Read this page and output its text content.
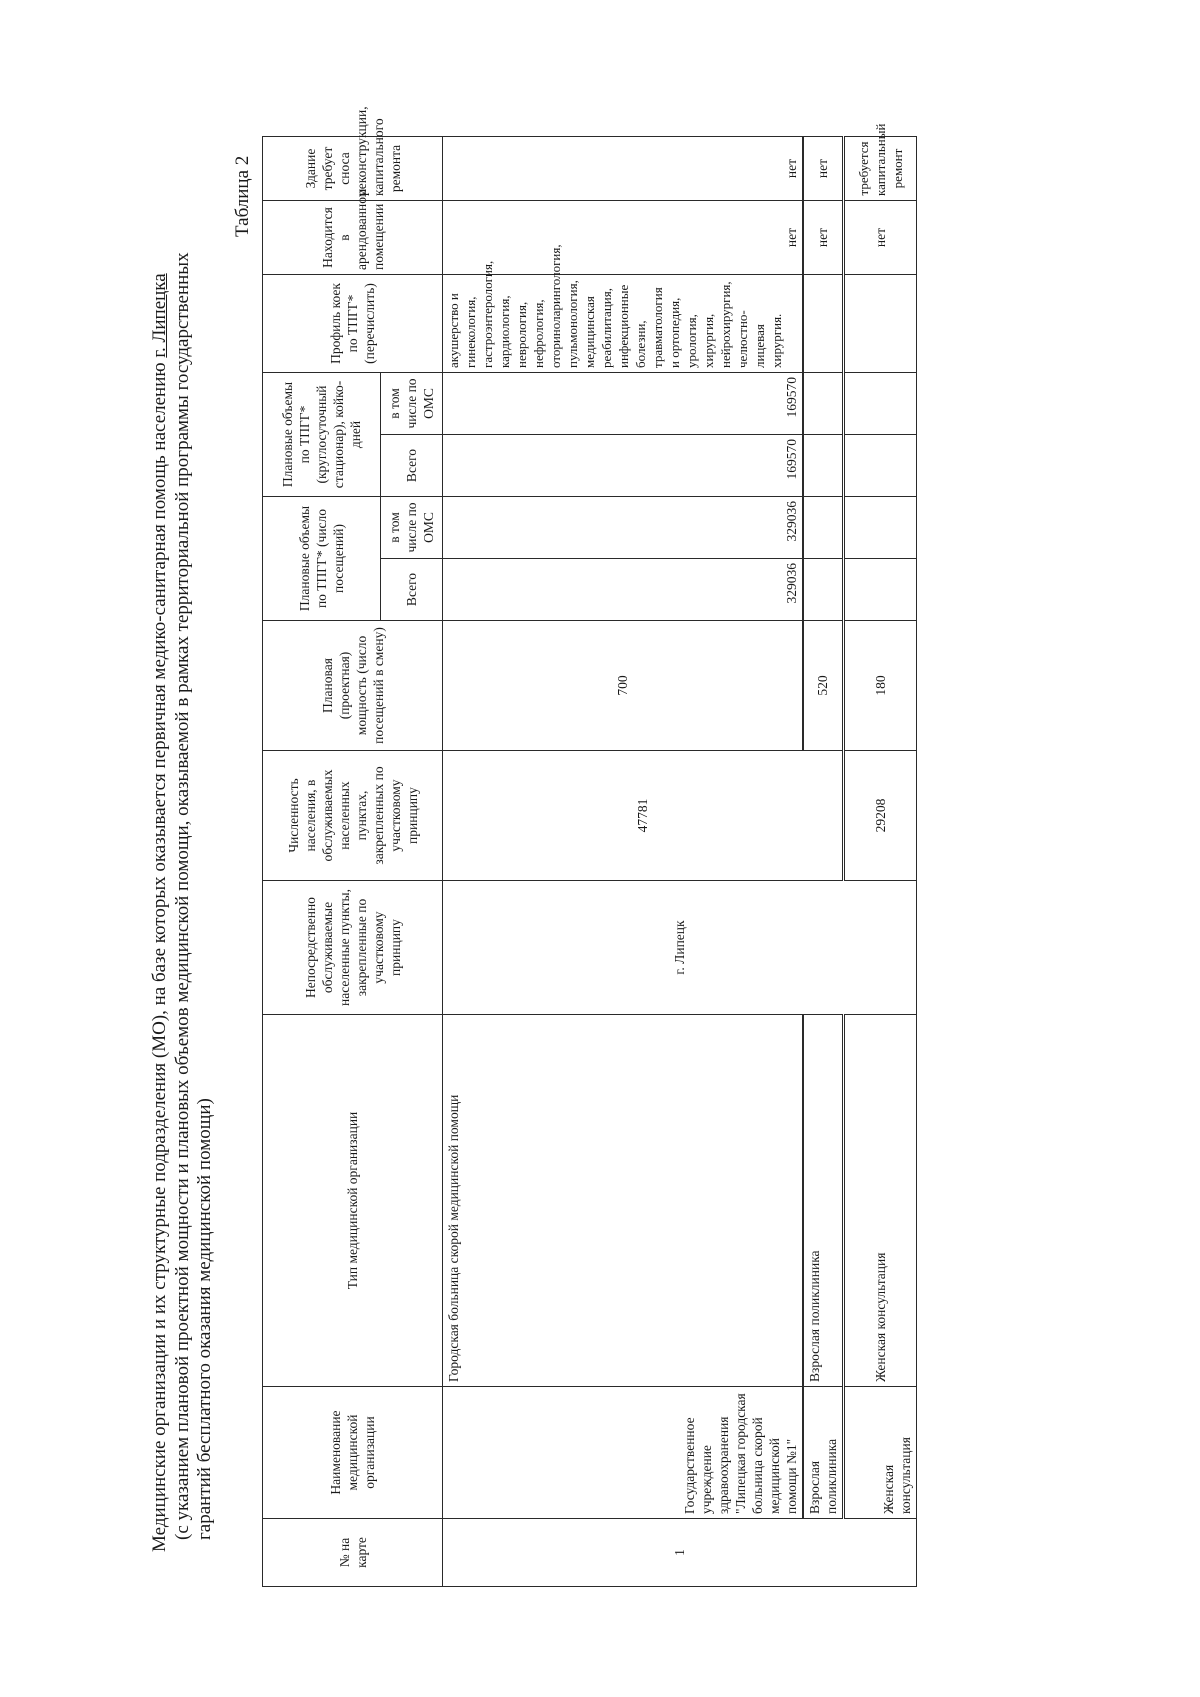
Медицинские организации и их структурные подразделения (МО), на базе которых оказывается первичная медико-санитарная помощь населению г. Липецка (с указанием плановой проектной мощности и плановых объемов медицинской помощи, оказываемой в рамках территориальной программы государственных гарантий бесплатного оказания медицинской помощи)
Таблица 2
№ на карте	Наименование медицинской организации	Тип медицинской организации	Непосредственно обслуживаемые населенные пункты, закрепленные по участковому принципу	Численность населения, в обслуживаемых населенных пунктах, закрепленных по участковому принципу	Плановая (проектная) мощность (число посещений в смену)	Плановые объемы по ТПГГ* (число посещений)		Плановые объемы по ТПГГ* (круглосуточный стационар), койко-дней		Профиль коек по ТПГГ* (перечислить)	Находится в арендованном помещении	Здание требует сноса реконструкции, капитального ремонта
						Всего	в том числе по ОМС	Всего	в том числе по ОМС			
1	Государственное учреждение здравоохранения "Липецкая городская больница скорой медицинской помощи №1"	Городская больница скорой медицинской помощи	г. Липецк	47781	700	329036	329036	169570	169570	акушерство и гинекология, гастроэнтерология, кардиология, неврология, нефрология, оториноларингология, пульмонология, медицинская реабилитация, инфекционные болезни, травматология и ортопедия, урология, хирургия, нейрохирургия, челюстно-лицевая хирургия.	нет	нет
	Взрослая поликлиника	Взрослая поликлиника			520						нет	нет
	Женская консультация	Женская консультация		29208	180						нет	требуется капитальный ремонт
